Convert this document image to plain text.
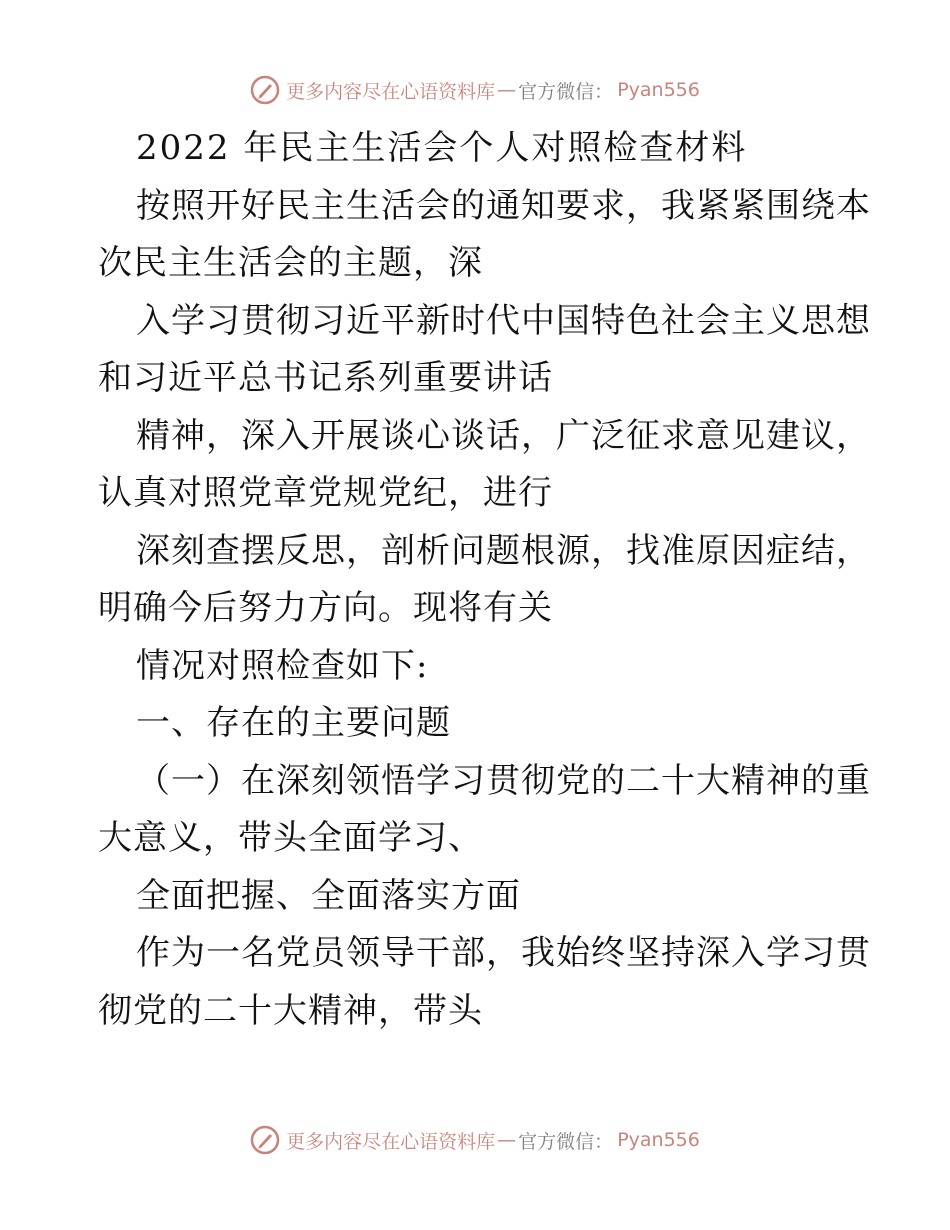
更多内容尽在心语资料库 — 官方微信： Pyan556
2022 年民主生活会个人对照检查材料
按照开好民主生活会的通知要求，我紧紧围绕本
次民主生活会的主题，深
入学习贯彻习近平新时代中国特色社会主义思想
和习近平总书记系列重要讲话
精神，深入开展谈心谈话，广泛征求意见建议，
认真对照党章党规党纪，进行
深刻查摆反思，剖析问题根源，找准原因症结，
明确今后努力方向。现将有关
情况对照检查如下:
一、存在的主要问题
（一）在深刻领悟学习贯彻党的二十大精神的重
大意义，带头全面学习、
全面把握、全面落实方面
作为一名党员领导干部，我始终坚持深入学习贯
彻党的二十大精神，带头
更多内容尽在心语资料库 — 官方微信： Pyan556
